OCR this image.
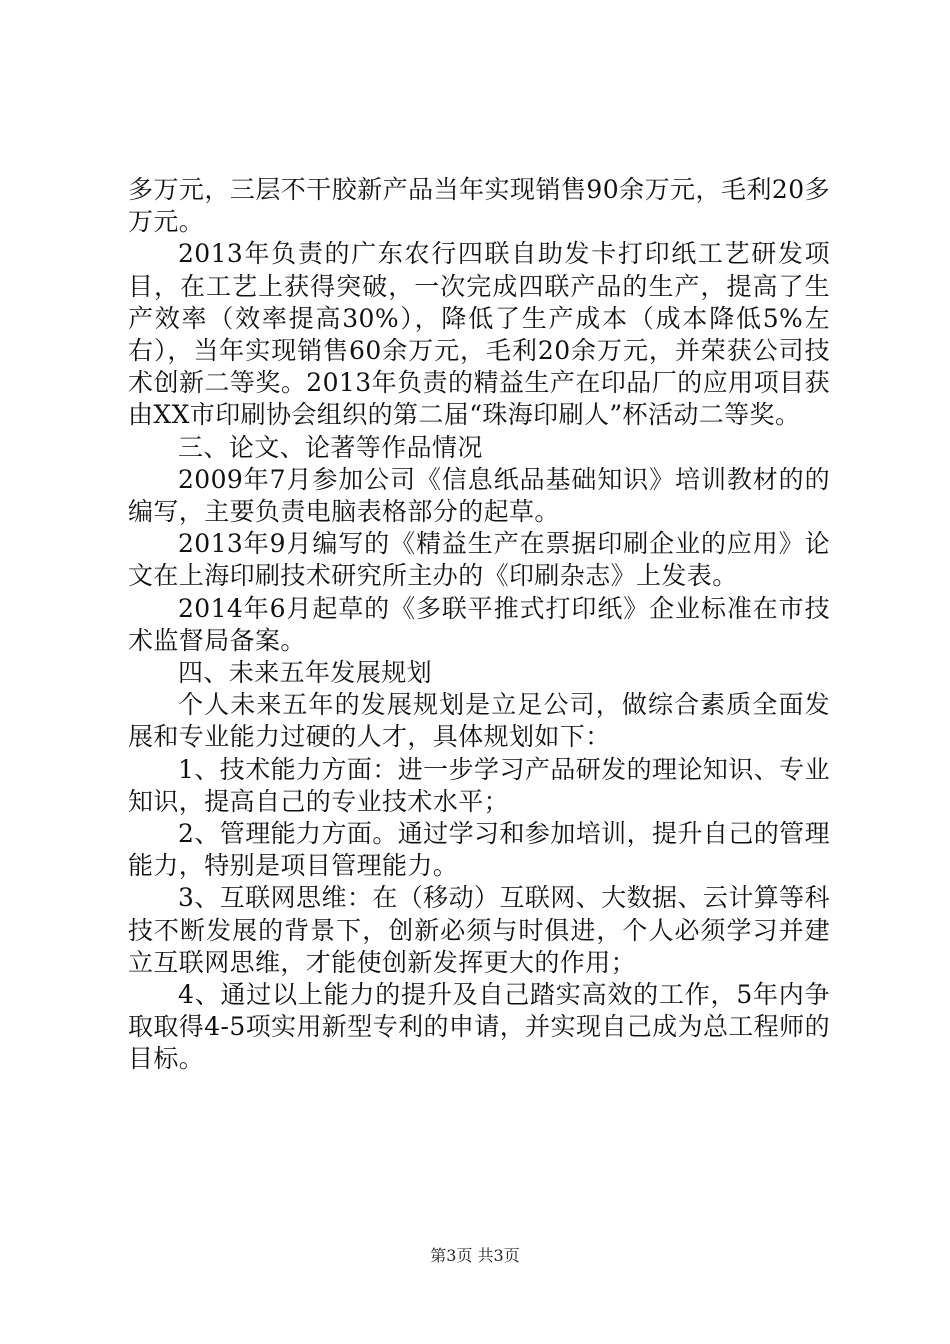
多万元，三层不干胶新产品当年实现销售90余万元，毛利20多万元。

2013年负责的广东农行四联自助发卡打印纸工艺研发项目，在工艺上获得突破，一次完成四联产品的生产，提高了生产效率（效率提高30%），降低了生产成本（成本降低5%左右），当年实现销售60余万元，毛利20余万元，并荣获公司技术创新二等奖。2013年负责的精益生产在印品厂的应用项目获由XX市印刷协会组织的第二届“珠海印刷人”杯活动二等奖。

三、论文、论著等作品情况

2009年7月参加公司《信息纸品基础知识》培训教材的的编写，主要负责电脑表格部分的起草。

2013年9月编写的《精益生产在票据印刷企业的应用》论文在上海印刷技术研究所主办的《印刷杂志》上发表。

2014年6月起草的《多联平推式打印纸》企业标准在市技术监督局备案。

四、未来五年发展规划

个人未来五年的发展规划是立足公司，做综合素质全面发展和专业能力过硬的人才，具体规划如下：

1、技术能力方面：进一步学习产品研发的理论知识、专业知识，提高自己的专业技术水平；

2、管理能力方面。通过学习和参加培训，提升自己的管理能力，特别是项目管理能力。

3、互联网思维：在（移动）互联网、大数据、云计算等科技不断发展的背景下，创新必须与时俱进，个人必须学习并建立互联网思维，才能使创新发挥更大的作用；

4、通过以上能力的提升及自己踏实高效的工作，5年内争取取得4-5项实用新型专利的申请，并实现自己成为总工程师的目标。

第3页 共3页
